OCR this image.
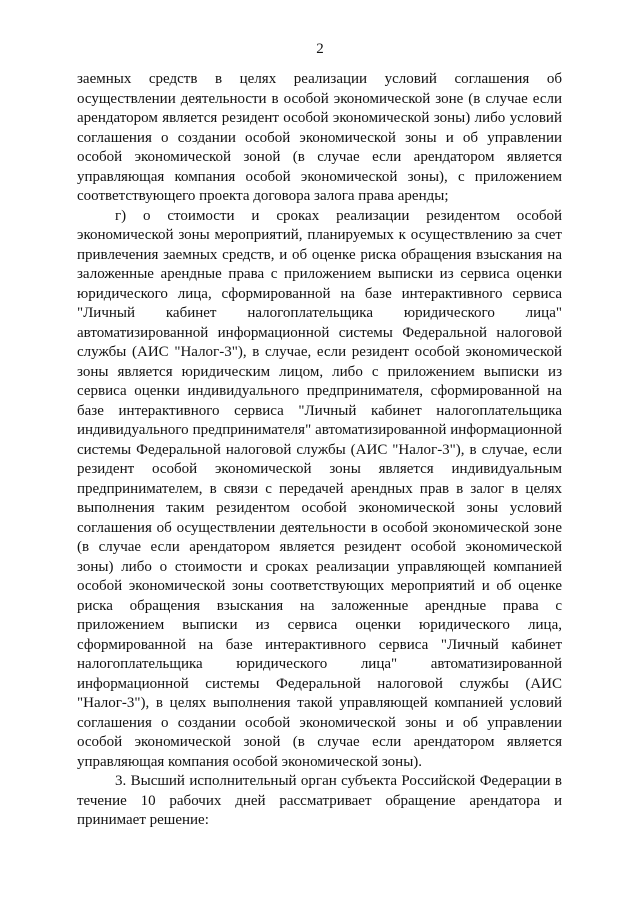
2

заемных средств в целях реализации условий соглашения об осуществлении деятельности в особой экономической зоне (в случае если арендатором является резидент особой экономической зоны) либо условий соглашения о создании особой экономической зоны и об управлении особой экономической зоной (в случае если арендатором является управляющая компания особой экономической зоны), с приложением соответствующего проекта договора залога права аренды;

г) о стоимости и сроках реализации резидентом особой экономической зоны мероприятий, планируемых к осуществлению за счет привлечения заемных средств, и об оценке риска обращения взыскания на заложенные арендные права с приложением выписки из сервиса оценки юридического лица, сформированной на базе интерактивного сервиса "Личный кабинет налогоплательщика юридического лица" автоматизированной информационной системы Федеральной налоговой службы (АИС "Налог-3"), в случае, если резидент особой экономической зоны является юридическим лицом, либо с приложением выписки из сервиса оценки индивидуального предпринимателя, сформированной на базе интерактивного сервиса "Личный кабинет налогоплательщика индивидуального предпринимателя" автоматизированной информационной системы Федеральной налоговой службы (АИС "Налог-3"), в случае, если резидент особой экономической зоны является индивидуальным предпринимателем, в связи с передачей арендных прав в залог в целях выполнения таким резидентом особой экономической зоны условий соглашения об осуществлении деятельности в особой экономической зоне (в случае если арендатором является резидент особой экономической зоны) либо о стоимости и сроках реализации управляющей компанией особой экономической зоны соответствующих мероприятий и об оценке риска обращения взыскания на заложенные арендные права с приложением выписки из сервиса оценки юридического лица, сформированной на базе интерактивного сервиса "Личный кабинет налогоплательщика юридического лица" автоматизированной информационной системы Федеральной налоговой службы (АИС "Налог-3"), в целях выполнения такой управляющей компанией условий соглашения о создании особой экономической зоны и об управлении особой экономической зоной (в случае если арендатором является управляющая компания особой экономической зоны).

3. Высший исполнительный орган субъекта Российской Федерации в течение 10 рабочих дней рассматривает обращение арендатора и принимает решение:
